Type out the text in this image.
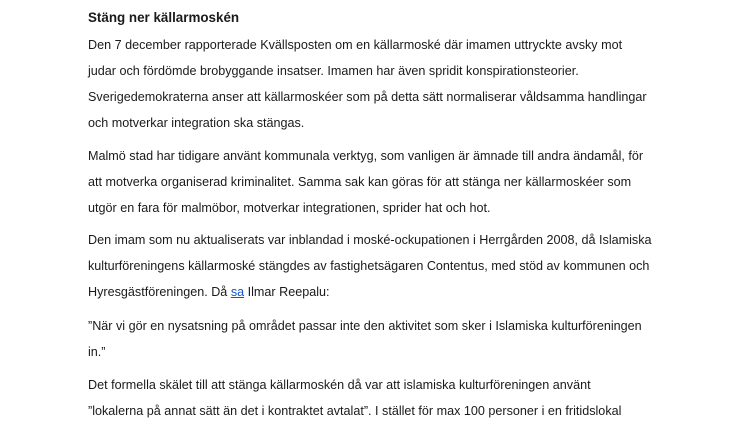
Stäng ner källarmoskén

Den 7 december rapporterade Kvällsposten om en källarmoské där imamen uttryckte avsky mot
judar och fördömde brobyggande insatser. Imamen har även spridit konspirationsteorier.
Sverigedemokraterna anser att källarmoskéer som på detta sätt normaliserar våldsamma handlingar
och motverkar integration ska stängas.

Malmö stad har tidigare använt kommunala verktyg, som vanligen är ämnade till andra ändamål, för
att motverka organiserad kriminalitet. Samma sak kan göras för att stänga ner källarmoskéer som
utgör en fara för malmöbor, motverkar integrationen, sprider hat och hot.

Den imam som nu aktualiserats var inblandad i moské-ockupationen i Herrgården 2008, då Islamiska
kulturföreningens källarmoské stängdes av fastighetsägaren Contentus, med stöd av kommunen och
Hyresgästföreningen. Då sa Ilmar Reepalu:

”När vi gör en nysatsning på området passar inte den aktivitet som sker i Islamiska kulturföreningen
in.”

Det formella skälet till att stänga källarmoskén då var att islamiska kulturföreningen använt
”lokalerna på annat sätt än det i kontraktet avtalat”. I stället för max 100 personer i en fritidslokal
